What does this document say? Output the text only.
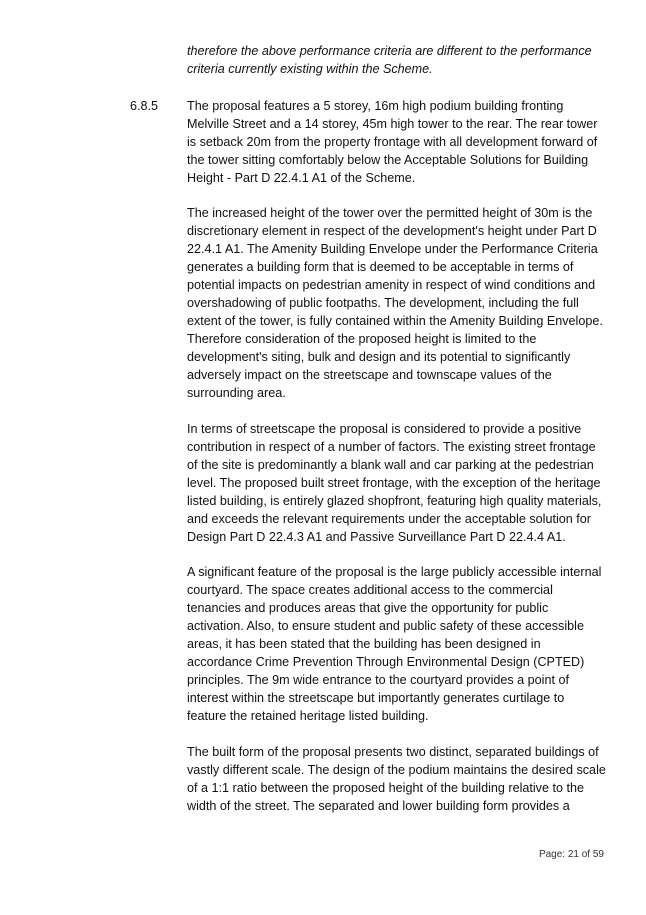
therefore the above performance criteria are different to the performance criteria currently existing within the Scheme.

6.8.5 The proposal features a 5 storey, 16m high podium building fronting Melville Street and a 14 storey, 45m high tower to the rear. The rear tower is setback 20m from the property frontage with all development forward of the tower sitting comfortably below the Acceptable Solutions for Building Height - Part D 22.4.1 A1 of the Scheme.

The increased height of the tower over the permitted height of 30m is the discretionary element in respect of the development's height under Part D 22.4.1 A1. The Amenity Building Envelope under the Performance Criteria generates a building form that is deemed to be acceptable in terms of potential impacts on pedestrian amenity in respect of wind conditions and overshadowing of public footpaths. The development, including the full extent of the tower, is fully contained within the Amenity Building Envelope. Therefore consideration of the proposed height is limited to the development's siting, bulk and design and its potential to significantly adversely impact on the streetscape and townscape values of the surrounding area.

In terms of streetscape the proposal is considered to provide a positive contribution in respect of a number of factors. The existing street frontage of the site is predominantly a blank wall and car parking at the pedestrian level. The proposed built street frontage, with the exception of the heritage listed building, is entirely glazed shopfront, featuring high quality materials, and exceeds the relevant requirements under the acceptable solution for Design Part D 22.4.3 A1 and Passive Surveillance Part D 22.4.4 A1.

A significant feature of the proposal is the large publicly accessible internal courtyard. The space creates additional access to the commercial tenancies and produces areas that give the opportunity for public activation. Also, to ensure student and public safety of these accessible areas, it has been stated that the building has been designed in accordance Crime Prevention Through Environmental Design (CPTED) principles. The 9m wide entrance to the courtyard provides a point of interest within the streetscape but importantly generates curtilage to feature the retained heritage listed building.

The built form of the proposal presents two distinct, separated buildings of vastly different scale. The design of the podium maintains the desired scale of a 1:1 ratio between the proposed height of the building relative to the width of the street. The separated and lower building form provides a

Page: 21 of 59
